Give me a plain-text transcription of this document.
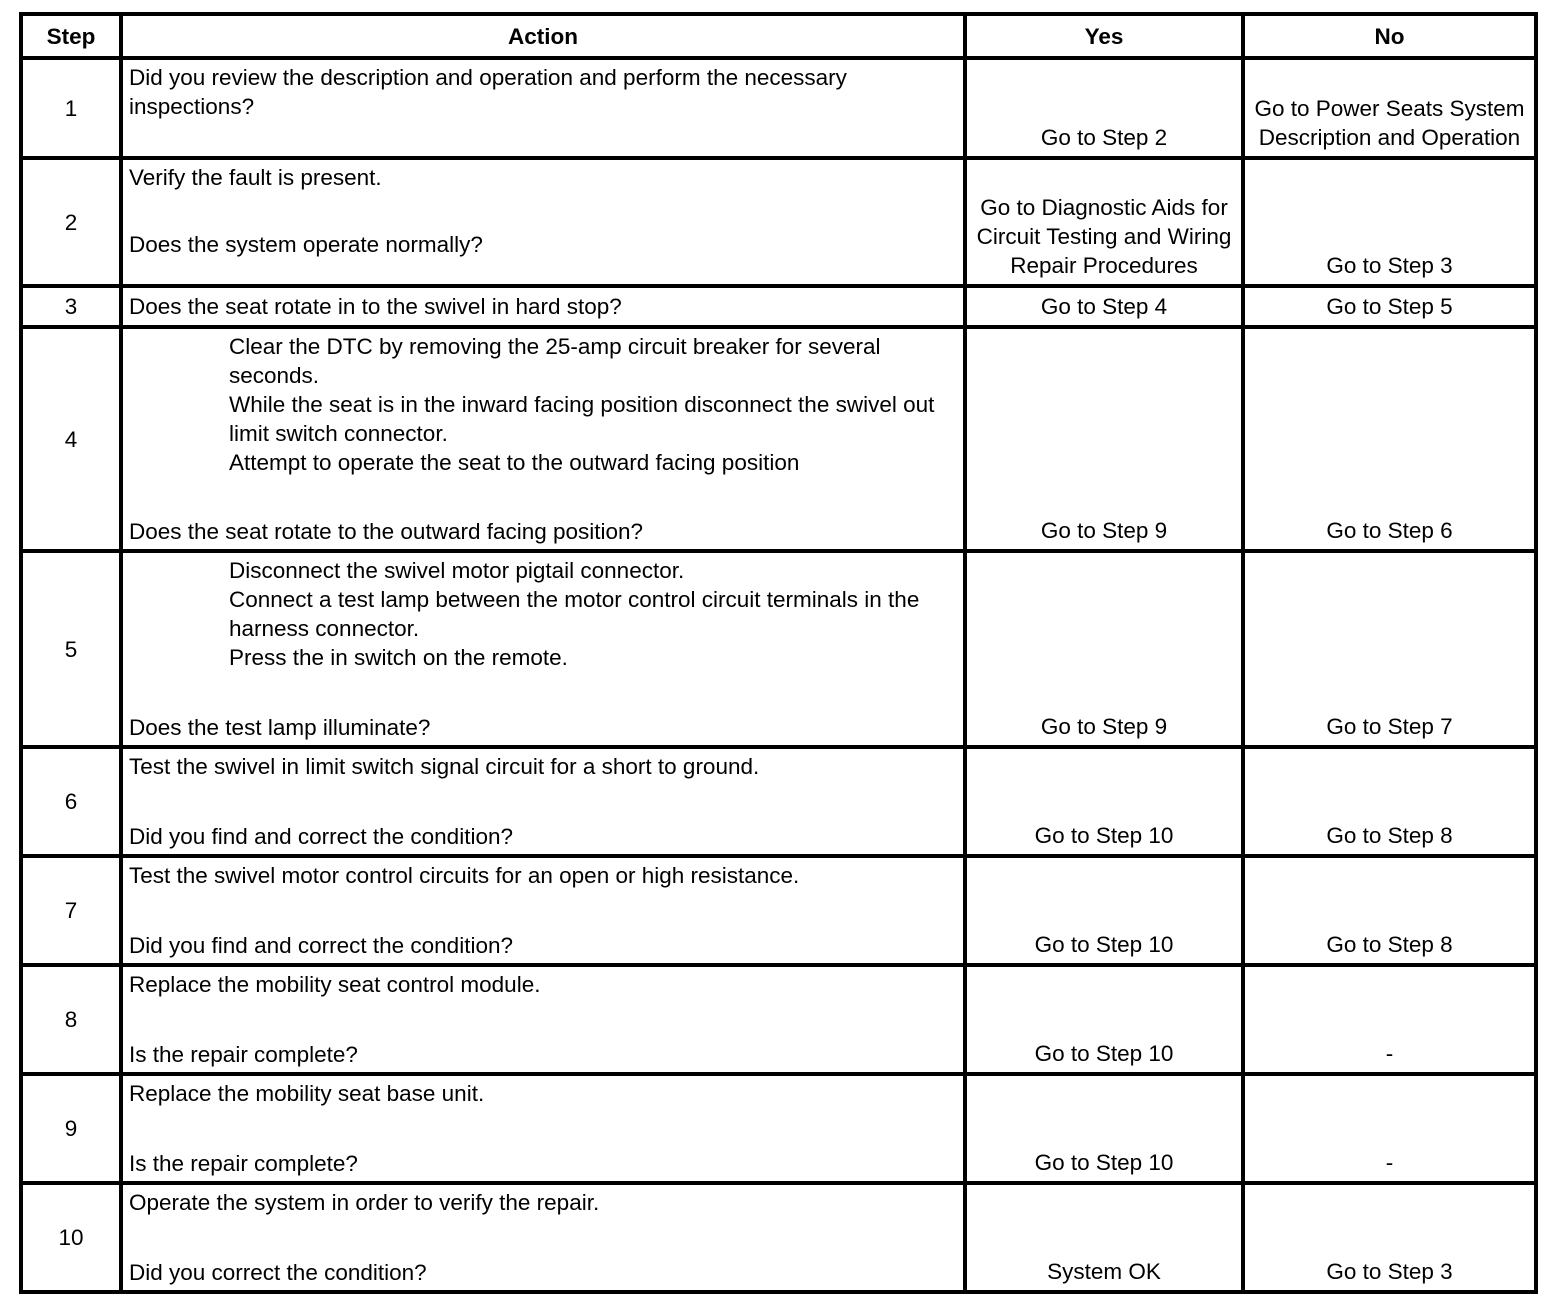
Step	Action	Yes	No
1	Did you review the description and operation and perform the necessary inspections?	Go to Step 2	Go to Power Seats System Description and Operation
2	Verify the fault is present.
Does the system operate normally?	Go to Diagnostic Aids for Circuit Testing and Wiring Repair Procedures	Go to Step 3
3	Does the seat rotate in to the swivel in hard stop?	Go to Step 4	Go to Step 5
4	Clear the DTC by removing the 25-amp circuit breaker for several seconds.
While the seat is in the inward facing position disconnect the swivel out limit switch connector.
Attempt to operate the seat to the outward facing position
Does the seat rotate to the outward facing position?	Go to Step 9	Go to Step 6
5	Disconnect the swivel motor pigtail connector.
Connect a test lamp between the motor control circuit terminals in the harness connector.
Press the in switch on the remote.
Does the test lamp illuminate?	Go to Step 9	Go to Step 7
6	Test the swivel in limit switch signal circuit for a short to ground.
Did you find and correct the condition?	Go to Step 10	Go to Step 8
7	Test the swivel motor control circuits for an open or high resistance.
Did you find and correct the condition?	Go to Step 10	Go to Step 8
8	Replace the mobility seat control module.
Is the repair complete?	Go to Step 10	-
9	Replace the mobility seat base unit.
Is the repair complete?	Go to Step 10	-
10	Operate the system in order to verify the repair.
Did you correct the condition?	System OK	Go to Step 3
